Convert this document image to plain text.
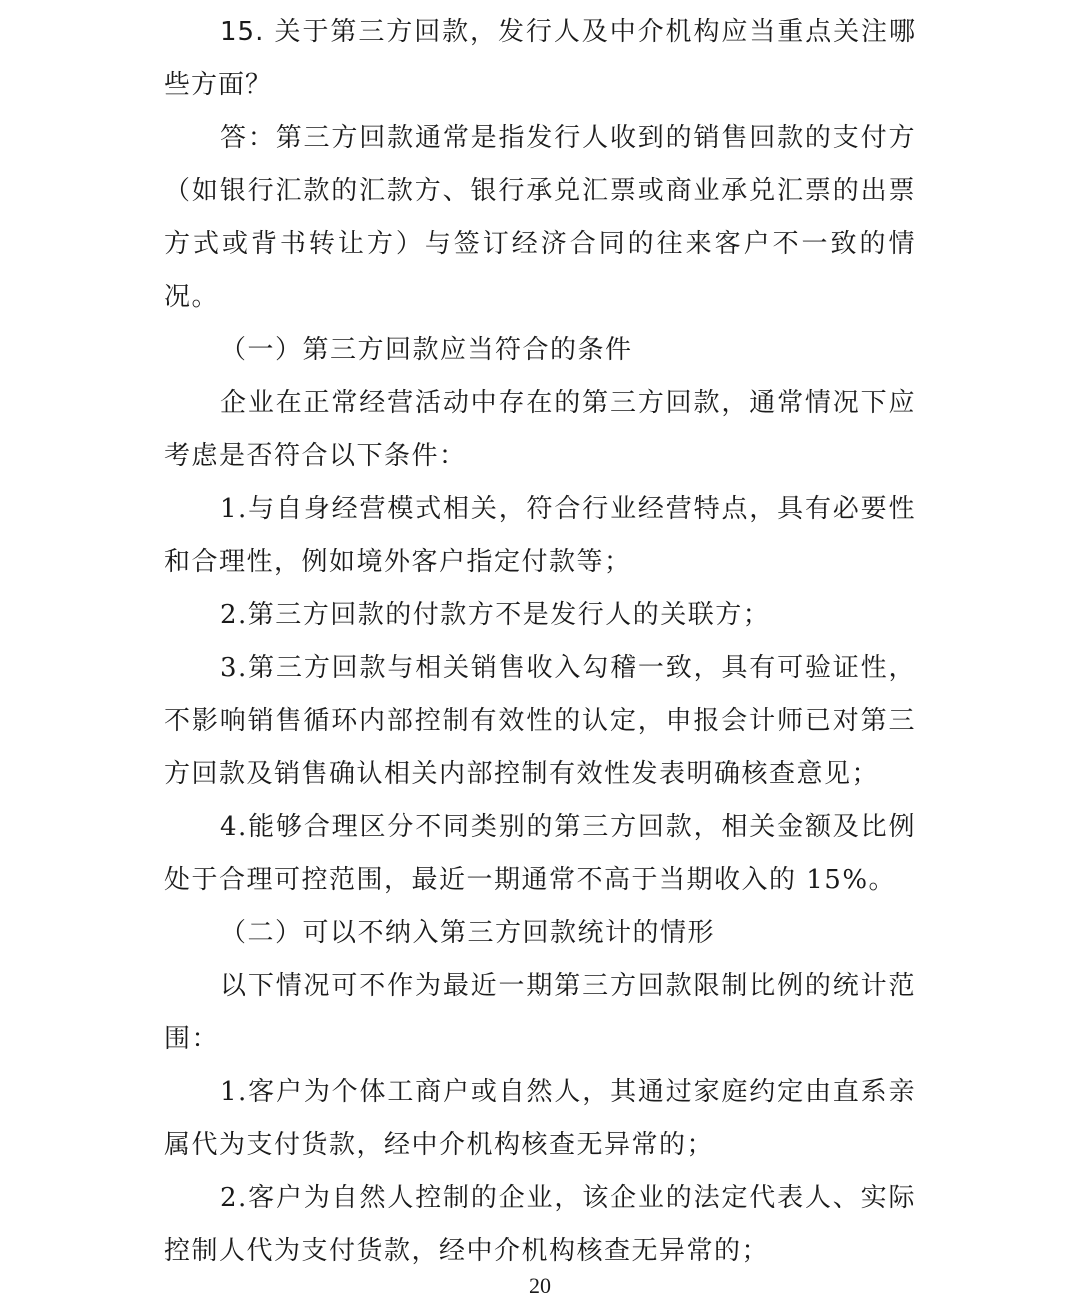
15. 关于第三方回款，发行人及中介机构应当重点关注哪些方面？

答：第三方回款通常是指发行人收到的销售回款的支付方（如银行汇款的汇款方、银行承兑汇票或商业承兑汇票的出票方式或背书转让方）与签订经济合同的往来客户不一致的情况。

（一）第三方回款应当符合的条件

企业在正常经营活动中存在的第三方回款，通常情况下应考虑是否符合以下条件：

1.与自身经营模式相关，符合行业经营特点，具有必要性和合理性，例如境外客户指定付款等；

2.第三方回款的付款方不是发行人的关联方；

3.第三方回款与相关销售收入勾稽一致，具有可验证性，不影响销售循环内部控制有效性的认定，申报会计师已对第三方回款及销售确认相关内部控制有效性发表明确核查意见；

4.能够合理区分不同类别的第三方回款，相关金额及比例处于合理可控范围，最近一期通常不高于当期收入的 15%。

（二）可以不纳入第三方回款统计的情形

以下情况可不作为最近一期第三方回款限制比例的统计范围：

1.客户为个体工商户或自然人，其通过家庭约定由直系亲属代为支付货款，经中介机构核查无异常的；

2.客户为自然人控制的企业，该企业的法定代表人、实际控制人代为支付货款，经中介机构核查无异常的；

20
